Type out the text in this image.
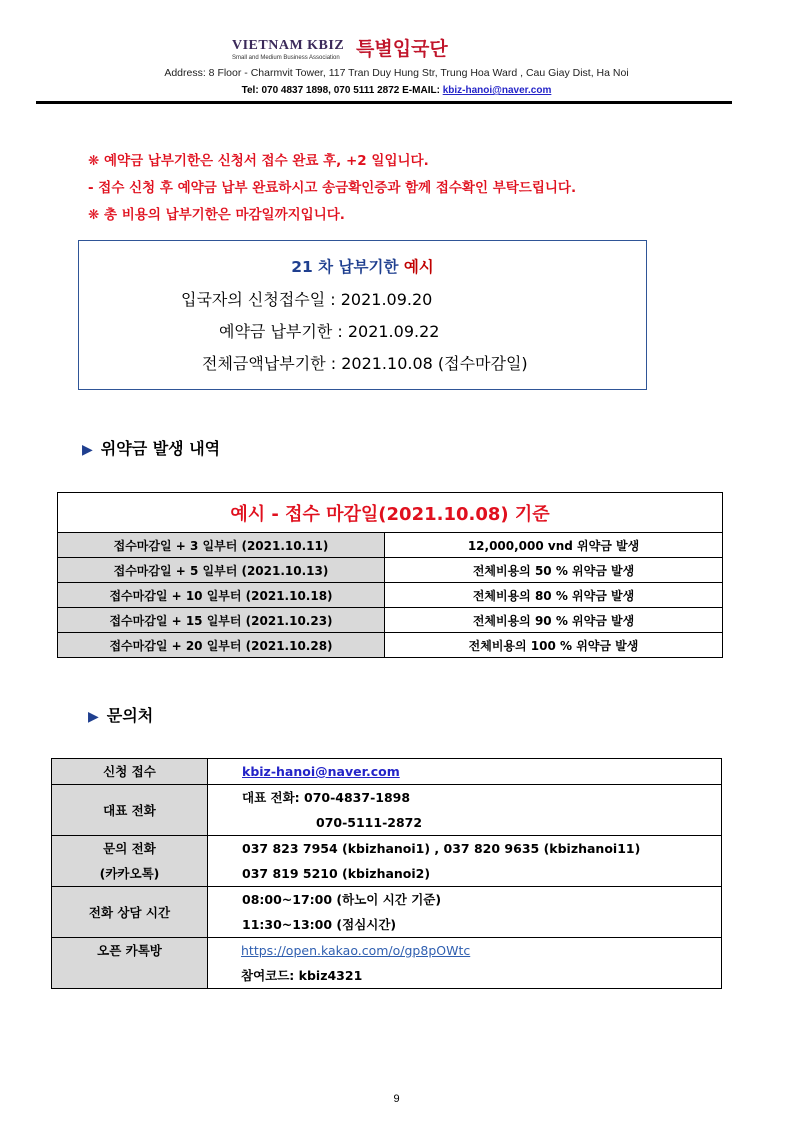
VIETNAM KBIZ 특별입국단
Small and Medium Business Association
Address: 8 Floor - Charmvit Tower, 117 Tran Duy Hung Str, Trung Hoa Ward , Cau Giay Dist, Ha Noi
Tel: 070 4837 1898, 070 5111 2872 E-MAIL: kbiz-hanoi@naver.com
❋ 예약금 납부기한은 신청서 접수 완료 후, +2 일입니다.
- 접수 신청 후 예약금 납부 완료하시고 송금확인증과 함께 접수확인 부탁드립니다.
❋ 총 비용의 납부기한은 마감일까지입니다.
21 차 납부기한 예시
입국자의 신청접수일 : 2021.09.20
예약금 납부기한 : 2021.09.22
전체금액납부기한 : 2021.10.08 (접수마감일)
▶ 위약금 발생 내역
예시 - 접수 마감일(2021.10.08) 기준	
접수마감일 + 3 일부터 (2021.10.11)	12,000,000 vnd 위약금 발생
접수마감일 + 5 일부터 (2021.10.13)	전체비용의 50 % 위약금 발생
접수마감일 + 10 일부터 (2021.10.18)	전체비용의 80 % 위약금 발생
접수마감일 + 15 일부터 (2021.10.23)	전체비용의 90 % 위약금 발생
접수마감일 + 20 일부터 (2021.10.28)	전체비용의 100 % 위약금 발생
▶ 문의처
신청 접수	kbiz-hanoi@naver.com

대표 전화	대표 전화: 070-4837-1898
070-5111-2872

문의 전화
(카카오톡)	037 823 7954 (kbizhanoi1) , 037 820 9635 (kbizhanoi11)
037 819 5210 (kbizhanoi2)

전화 상담 시간	08:00~17:00 (하노이 시간 기준)
11:30~13:00 (점심시간)

오픈 카톡방	https://open.kakao.com/o/gp8pOWtc
참여코드: kbiz4321
9
